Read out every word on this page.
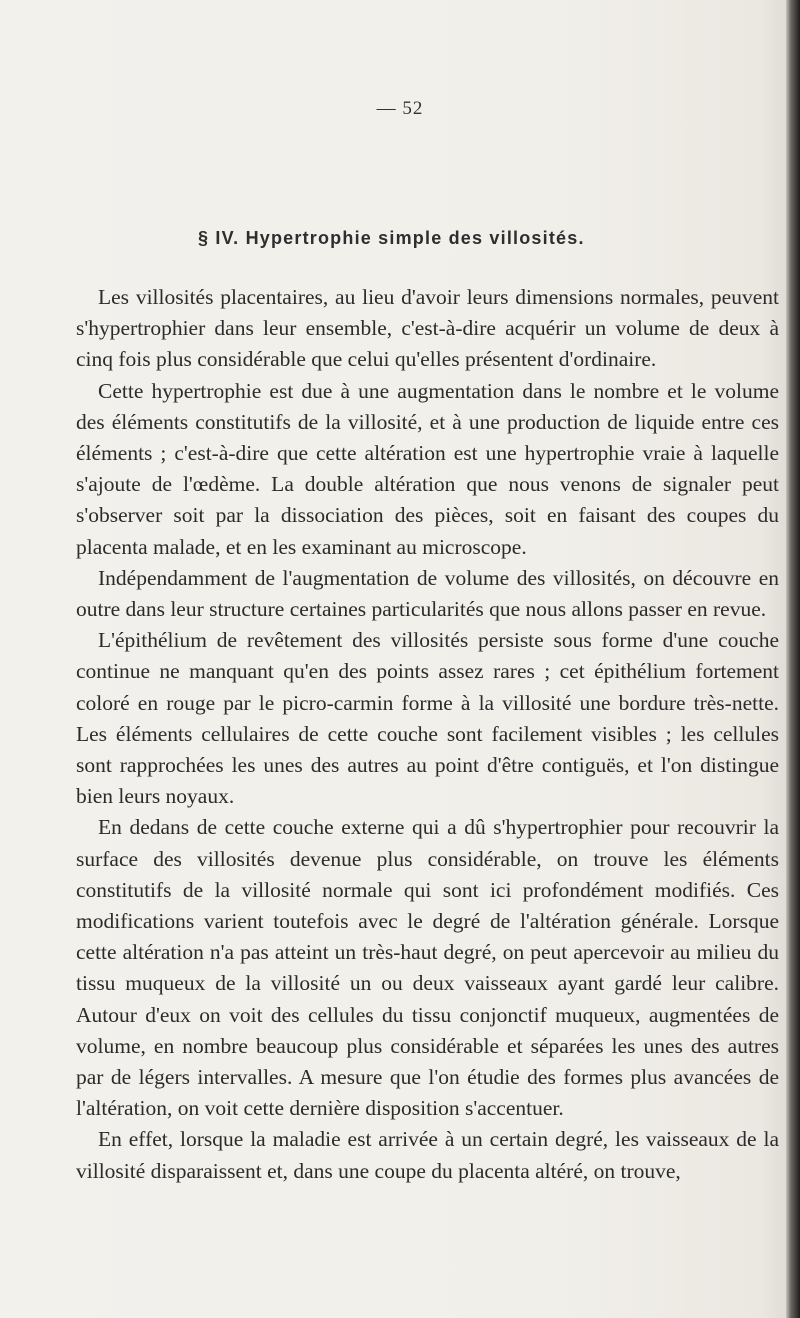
— 52
§ IV. Hypertrophie simple des villosités.

Les villosités placentaires, au lieu d'avoir leurs dimensions normales, peuvent s'hypertrophier dans leur ensemble, c'est-à-dire acquérir un volume de deux à cinq fois plus considérable que celui qu'elles présentent d'ordinaire.

Cette hypertrophie est due à une augmentation dans le nombre et le volume des éléments constitutifs de la villosité, et à une production de liquide entre ces éléments ; c'est-à-dire que cette altération est une hypertrophie vraie à laquelle s'ajoute de l'œdème. La double altération que nous venons de signaler peut s'observer soit par la dissociation des pièces, soit en faisant des coupes du placenta malade, et en les examinant au microscope.

Indépendamment de l'augmentation de volume des villosités, on découvre en outre dans leur structure certaines particularités que nous allons passer en revue.

L'épithélium de revêtement des villosités persiste sous forme d'une couche continue ne manquant qu'en des points assez rares ; cet épithélium fortement coloré en rouge par le picro-carmin forme à la villosité une bordure très-nette. Les éléments cellulaires de cette couche sont facilement visibles ; les cellules sont rapprochées les unes des autres au point d'être contiguës, et l'on distingue bien leurs noyaux.

En dedans de cette couche externe qui a dû s'hypertrophier pour recouvrir la surface des villosités devenue plus considérable, on trouve les éléments constitutifs de la villosité normale qui sont ici profondément modifiés. Ces modifications varient toutefois avec le degré de l'altération générale. Lorsque cette altération n'a pas atteint un très-haut degré, on peut apercevoir au milieu du tissu muqueux de la villosité un ou deux vaisseaux ayant gardé leur calibre. Autour d'eux on voit des cellules du tissu conjonctif muqueux, augmentées de volume, en nombre beaucoup plus considérable et séparées les unes des autres par de légers intervalles. A mesure que l'on étudie des formes plus avancées de l'altération, on voit cette dernière disposition s'accentuer.

En effet, lorsque la maladie est arrivée à un certain degré, les vaisseaux de la villosité disparaissent et, dans une coupe du placenta altéré, on trouve,
